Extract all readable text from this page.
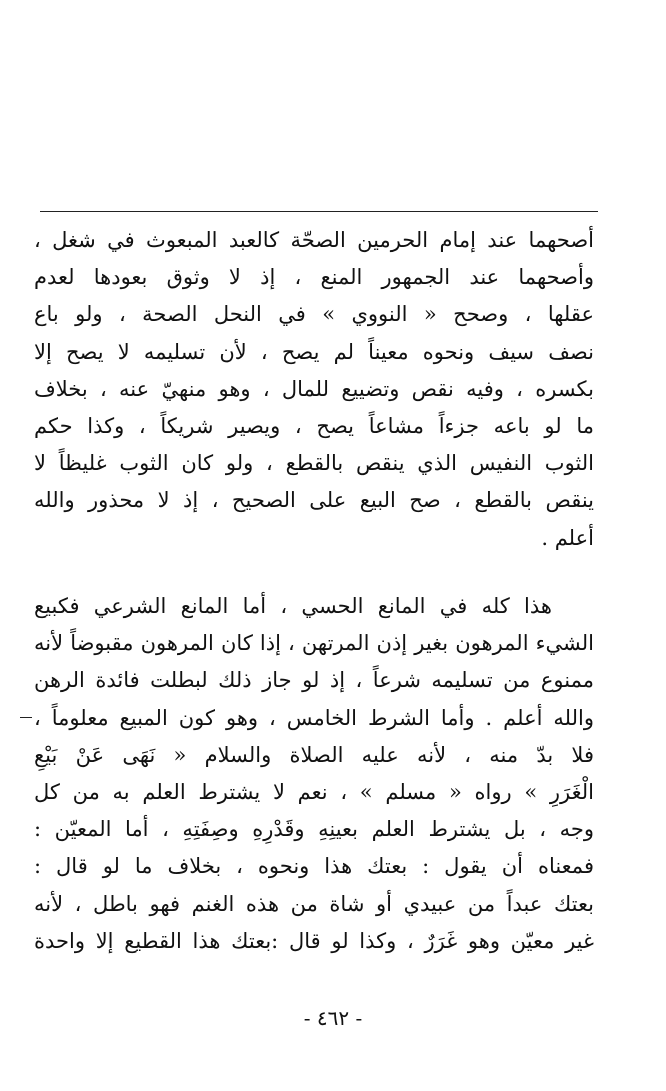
أصحهما عند إمام الحرمين الصحّة كالعبد المبعوث في شغل ،
وأصحهما عند الجمهور المنع ، إذ لا وثوق بعودها لعدم
عقلها ، وصحح « النووي » في النحل الصحة ، ولو باع
نصف سيف ونحوه معيناً لم يصح ، لأن تسليمه لا يصح إلا
بكسره ، وفيه نقص وتضييع للمال ، وهو منهيّ عنه ، بخلاف
ما لو باعه جزءاً مشاعاً يصح ، ويصير شريكاً ، وكذا حكم
الثوب النفيس الذي ينقص بالقطع ، ولو كان الثوب غليظاً لا
ينقص بالقطع ، صح البيع على الصحيح ، إذ لا محذور والله
أعلم .
هذا كله في المانع الحسي ، أما المانع الشرعي فكبيع
الشيء المرهون بغير إذن المرتهن ، إذا كان المرهون مقبوضاً لأنه
ممنوع من تسليمه شرعاً ، إذ لو جاز ذلك لبطلت فائدة الرهن
والله أعلم . وأما الشرط الخامس ، وهو كون المبيع معلوماً ،
فلا بدّ منه ، لأنه عليه الصلاة والسلام « نَهَى عَنْ بَيْعِ
الْغَرَرِ » رواه « مسلم » ، نعم لا يشترط العلم به من كل
وجه ، بل يشترط العلم بعينِهِ وقَدْرِهِ وصِفَتِهِ ، أما المعيّن :
فمعناه أن يقول : بعتك هذا ونحوه ، بخلاف ما لو قال :
بعتك عبداً من عبيدي أو شاة من هذه الغنم فهو باطل ، لأنه
غير معيّن وهو غَرَرٌ ، وكذا لو قال :بعتك هذا القطيع إلا واحدة
- ٤٦٢ -
